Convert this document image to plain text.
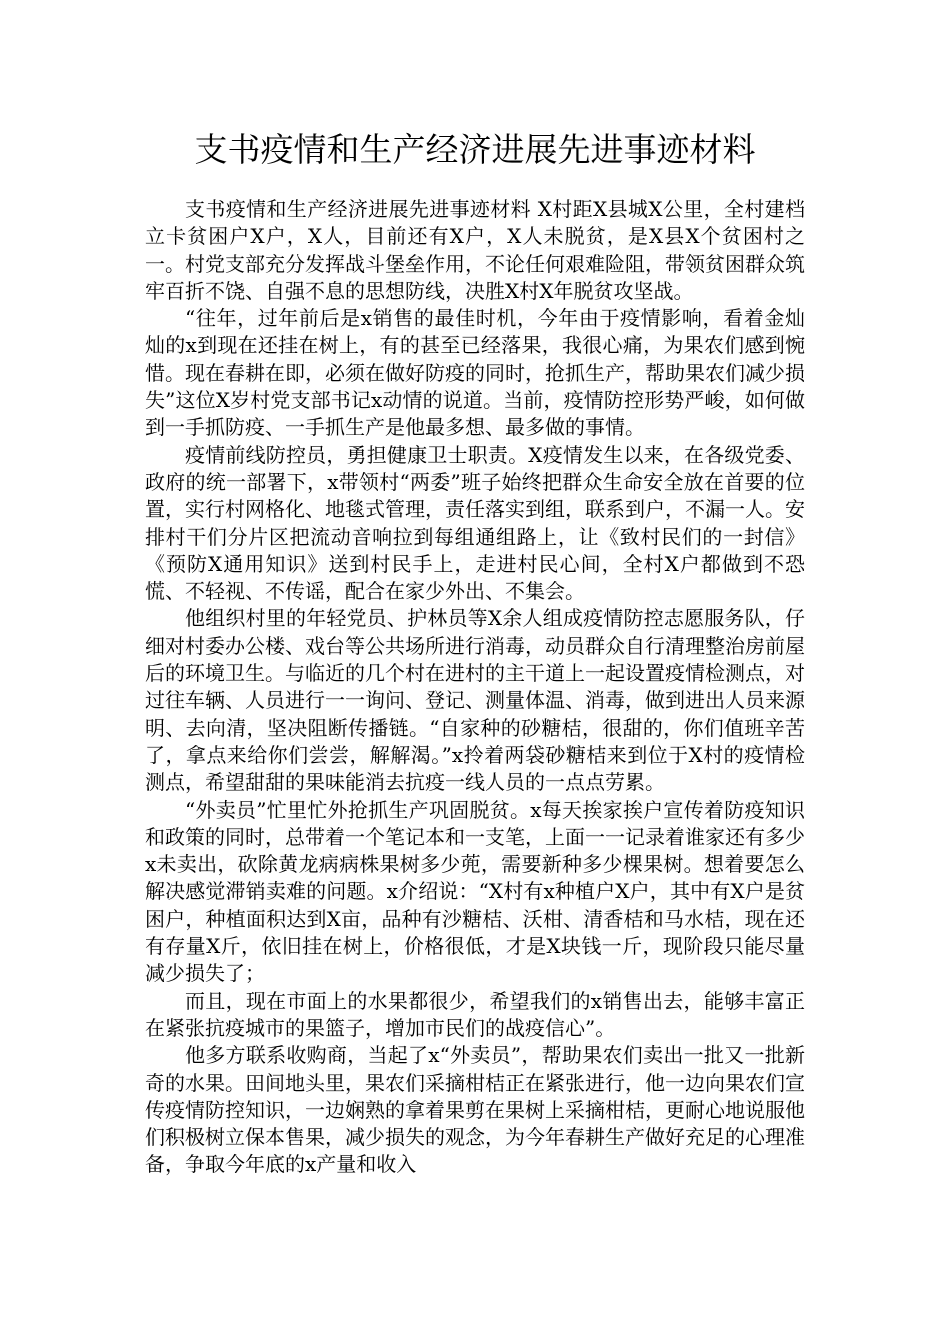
支书疫情和生产经济进展先进事迹材料

支书疫情和生产经济进展先进事迹材料 X村距X县城X公里，全村建档立卡贫困户X户，X人，目前还有X户，X人未脱贫，是X县X个贫困村之一。村党支部充分发挥战斗堡垒作用，不论任何艰难险阻，带领贫困群众筑牢百折不饶、自强不息的思想防线，决胜X村X年脱贫攻坚战。

“往年，过年前后是x销售的最佳时机，今年由于疫情影响，看着金灿灿的x到现在还挂在树上，有的甚至已经落果，我很心痛，为果农们感到惋惜。现在春耕在即，必须在做好防疫的同时，抢抓生产，帮助果农们减少损失”这位X岁村党支部书记x动情的说道。当前，疫情防控形势严峻，如何做到一手抓防疫、一手抓生产是他最多想、最多做的事情。

疫情前线防控员，勇担健康卫士职责。X疫情发生以来，在各级党委、政府的统一部署下，x带领村“两委”班子始终把群众生命安全放在首要的位置，实行村网格化、地毯式管理，责任落实到组，联系到户，不漏一人。安排村干们分片区把流动音响拉到每组通组路上，让《致村民们的一封信》《预防X通用知识》送到村民手上，走进村民心间，全村X户都做到不恐慌、不轻视、不传谣，配合在家少外出、不集会。

他组织村里的年轻党员、护林员等X余人组成疫情防控志愿服务队，仔细对村委办公楼、戏台等公共场所进行消毒，动员群众自行清理整治房前屋后的环境卫生。与临近的几个村在进村的主干道上一起设置疫情检测点，对过往车辆、人员进行一一询问、登记、测量体温、消毒，做到进出人员来源明、去向清，坚决阻断传播链。“自家种的砂糖桔，很甜的，你们值班辛苦了，拿点来给你们尝尝，解解渴。”x拎着两袋砂糖桔来到位于X村的疫情检测点，希望甜甜的果味能消去抗疫一线人员的一点点劳累。

“外卖员”忙里忙外抢抓生产巩固脱贫。x每天挨家挨户宣传着防疫知识和政策的同时，总带着一个笔记本和一支笔，上面一一记录着谁家还有多少x未卖出，砍除黄龙病病株果树多少蔸，需要新种多少棵果树。想着要怎么解决感觉滞销卖难的问题。x介绍说：“X村有x种植户X户，其中有X户是贫困户，种植面积达到X亩，品种有沙糖桔、沃柑、清香桔和马水桔，现在还有存量X斤，依旧挂在树上，价格很低，才是X块钱一斤，现阶段只能尽量减少损失了；

而且，现在市面上的水果都很少，希望我们的x销售出去，能够丰富正在紧张抗疫城市的果篮子，增加市民们的战疫信心”。

他多方联系收购商，当起了x“外卖员”，帮助果农们卖出一批又一批新奇的水果。田间地头里，果农们采摘柑桔正在紧张进行，他一边向果农们宣传疫情防控知识，一边娴熟的拿着果剪在果树上采摘柑桔，更耐心地说服他们积极树立保本售果，减少损失的观念，为今年春耕生产做好充足的心理准备，争取今年底的x产量和收入
